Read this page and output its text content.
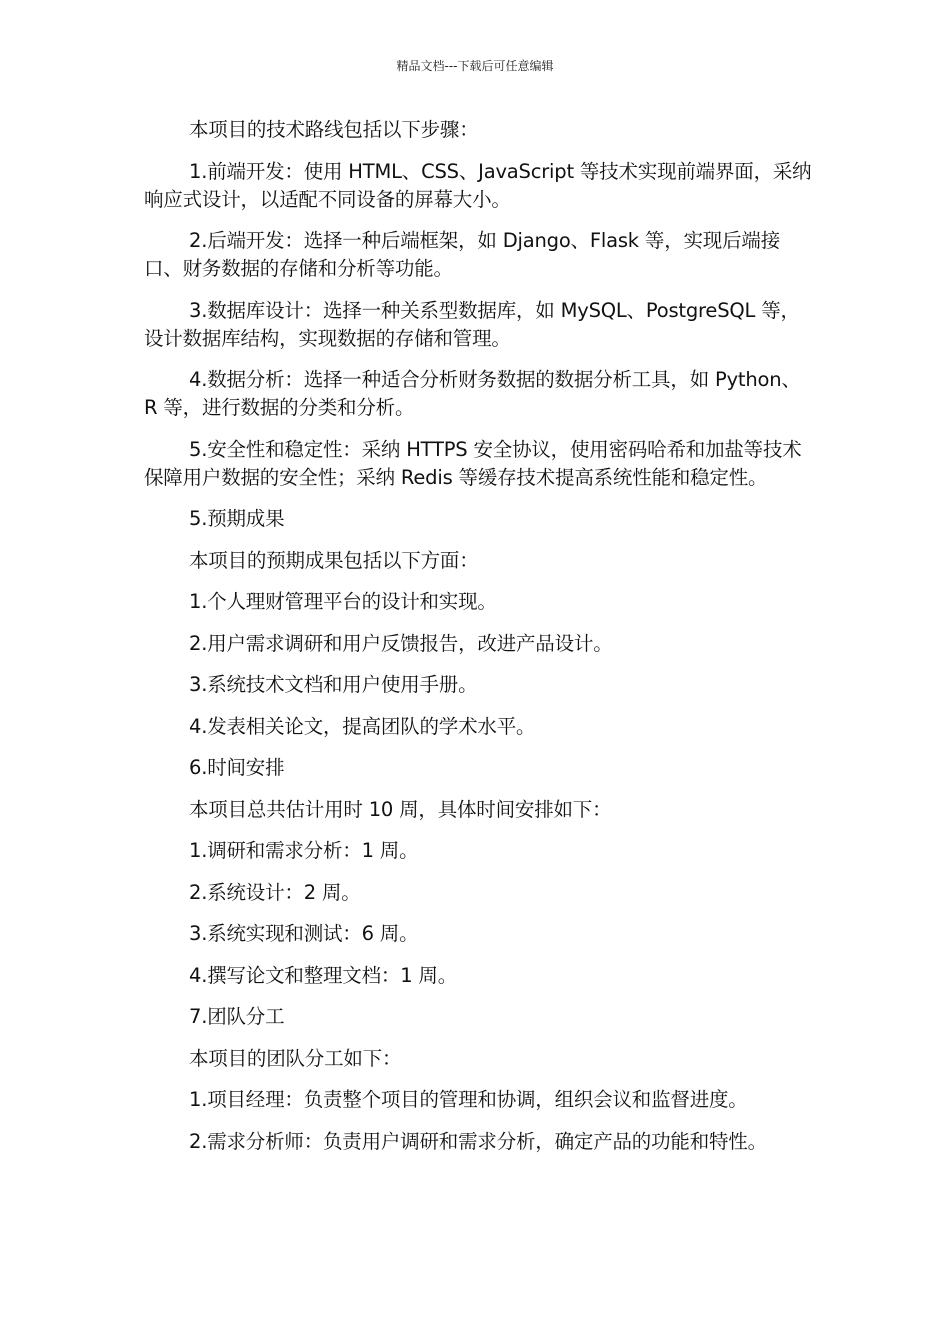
精品文档---下载后可任意编辑

本项目的技术路线包括以下步骤：

1.前端开发：使用 HTML、CSS、JavaScript 等技术实现前端界面，采纳响应式设计，以适配不同设备的屏幕大小。

2.后端开发：选择一种后端框架，如 Django、Flask 等，实现后端接口、财务数据的存储和分析等功能。

3.数据库设计：选择一种关系型数据库，如 MySQL、PostgreSQL 等，设计数据库结构，实现数据的存储和管理。

4.数据分析：选择一种适合分析财务数据的数据分析工具，如 Python、R 等，进行数据的分类和分析。

5.安全性和稳定性：采纳 HTTPS 安全协议，使用密码哈希和加盐等技术保障用户数据的安全性；采纳 Redis 等缓存技术提高系统性能和稳定性。

5.预期成果

本项目的预期成果包括以下方面：

1.个人理财管理平台的设计和实现。

2.用户需求调研和用户反馈报告，改进产品设计。

3.系统技术文档和用户使用手册。

4.发表相关论文，提高团队的学术水平。

6.时间安排

本项目总共估计用时 10 周，具体时间安排如下：

1.调研和需求分析：1 周。

2.系统设计：2 周。

3.系统实现和测试：6 周。

4.撰写论文和整理文档：1 周。

7.团队分工

本项目的团队分工如下：

1.项目经理：负责整个项目的管理和协调，组织会议和监督进度。

2.需求分析师：负责用户调研和需求分析，确定产品的功能和特性。
